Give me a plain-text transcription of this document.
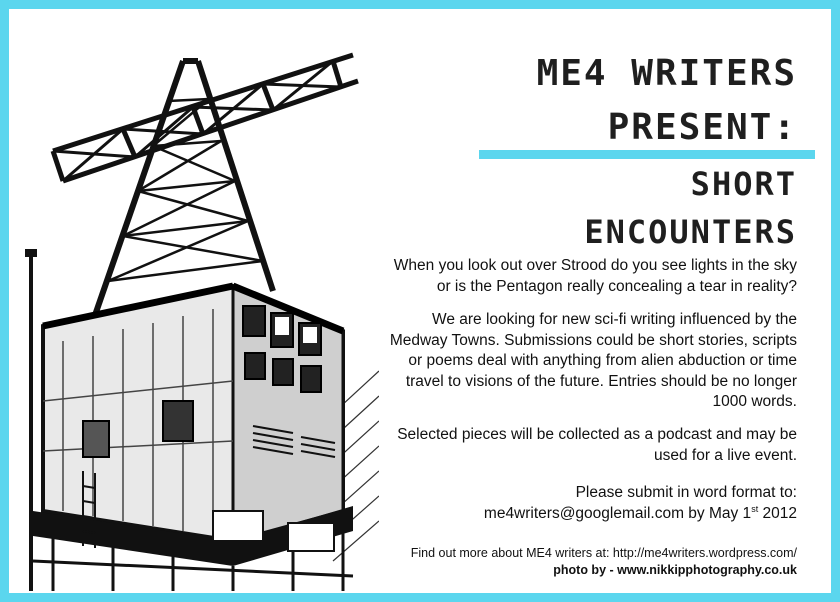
ME4 WRITERS
PRESENT:
SHORT
ENCOUNTERS
When you look out over Strood do you see lights in the sky
or is the Pentagon really concealing a tear in reality?
We are looking for new sci-fi writing influenced by the
Medway Towns. Submissions could be short stories, scripts
or poems deal with anything from alien abduction or time
travel to visions of the future. Entries should be no longer
1000 words.
Selected pieces will be collected as a podcast and may be
used for a live event.
Please submit in word format to:
me4writers@googlemail.com by May 1st 2012
Find out more about ME4 writers at: http://me4writers.wordpress.com/
photo by - www.nikkipphotography.co.uk
